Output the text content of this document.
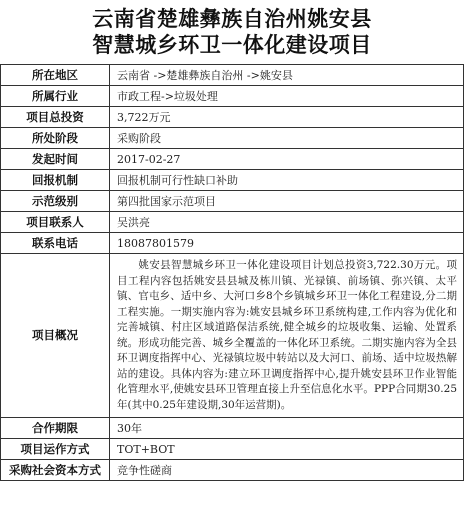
云南省楚雄彝族自治州姚安县
智慧城乡环卫一体化建设项目
所在地区	云南省 ->楚雄彝族自治州 ->姚安县
所属行业	市政工程->垃圾处理
项目总投资	3,722万元
所处阶段	采购阶段
发起时间	2017-02-27
回报机制	回报机制可行性缺口补助
示范级别	第四批国家示范项目
项目联系人	吴洪亮
联系电话	18087801579
项目概况	姚安县智慧城乡环卫一体化建设项目计划总投资3,722.30万元。项目工程内容包括姚安县县城及栋川镇、光禄镇、前场镇、弥兴镇、太平镇、官屯乡、适中乡、大河口乡8个乡镇城乡环卫一体化工程建设,分二期工程实施。一期实施内容为:姚安县城乡环卫系统构建,工作内容为优化和完善城镇、村庄区域道路保洁系统,健全城乡的垃圾收集、运输、处置系统。形成功能完善、城乡全覆盖的一体化环卫系统。二期实施内容为全县环卫调度指挥中心、光禄镇垃圾中转站以及大河口、前场、适中垃圾热解站的建设。具体内容为:建立环卫调度指挥中心,提升姚安县环卫作业智能化管理水平,使姚安县环卫管理直接上升至信息化水平。PPP合同期30.25年(其中0.25年建设期,30年运营期)。
合作期限	30年
项目运作方式	TOT+BOT
采购社会资本方式	竞争性磋商
